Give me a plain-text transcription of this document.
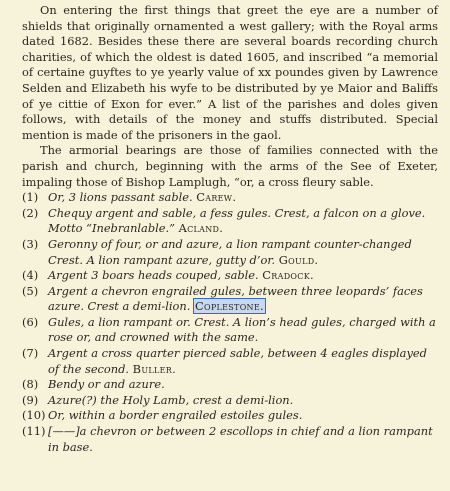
On entering the first things that greet the eye are a number of shields that originally ornamented a west gallery; with the Royal arms dated 1682. Besides these there are several boards recording church charities, of which the oldest is dated 1605, and inscribed “a memorial of certaine guyftes to ye yearly value of xx poundes given by Lawrence Selden and Elizabeth his wyfe to be distributed by ye Maior and Baliffs of ye cittie of Exon for ever.” A list of the parishes and doles given follows, with details of the money and stuffs distributed. Special mention is made of the prisoners in the gaol.

The armorial bearings are those of families connected with the parish and church, beginning with the arms of the See of Exeter, impaling those of Bishop Lamplugh, “or, a cross fleury sable.

(1) Or, 3 lions passant sable. Carew.
(2) Chequy argent and sable, a fess gules. Crest, a falcon on a glove. Motto “Inebranlable.” Acland.
(3) Geronny of four, or and azure, a lion rampant counter-changed Crest. A lion rampant azure, gutty d’or. Gould.
(4) Argent 3 boars heads couped, sable. Cradock.
(5) Argent a chevron engrailed gules, between three leopards’ faces azure. Crest a demi-lion. Coplestone.
(6) Gules, a lion rampant or. Crest. A lion’s head gules, charged with a rose or, and crowned with the same.
(7) Argent a cross quarter pierced sable, between 4 eagles displayed of the second. Buller.
(8) Bendy or and azure.
(9) Azure(?) the Holy Lamb, crest a demi-lion.
(10) Or, within a border engrailed estoiles gules.
(11) [——]a chevron or between 2 escollops in chief and a lion rampant in base.
